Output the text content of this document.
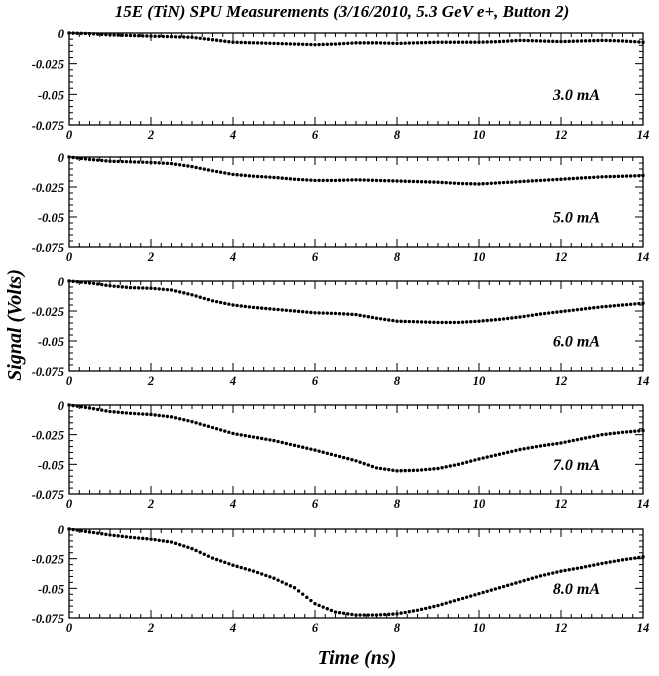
15E (TiN) SPU Measurements (3/16/2010, 5.3 GeV e+, Button 2)
0	2	4	6	8	10	12	14
0
-0.025
-0.05
-0.075
3.0 mA
0	2	4	6	8	10	12	14
0
-0.025
-0.05
-0.075
5.0 mA
0	2	4	6	8	10	12	14
0
-0.025
-0.05
-0.075
6.0 mA
0	2	4	6	8	10	12	14
0
-0.025
-0.05
-0.075
7.0 mA
0	2	4	6	8	10	12	14
0
-0.025
-0.05
-0.075
8.0 mA
Time (ns)
Signal (Volts)
